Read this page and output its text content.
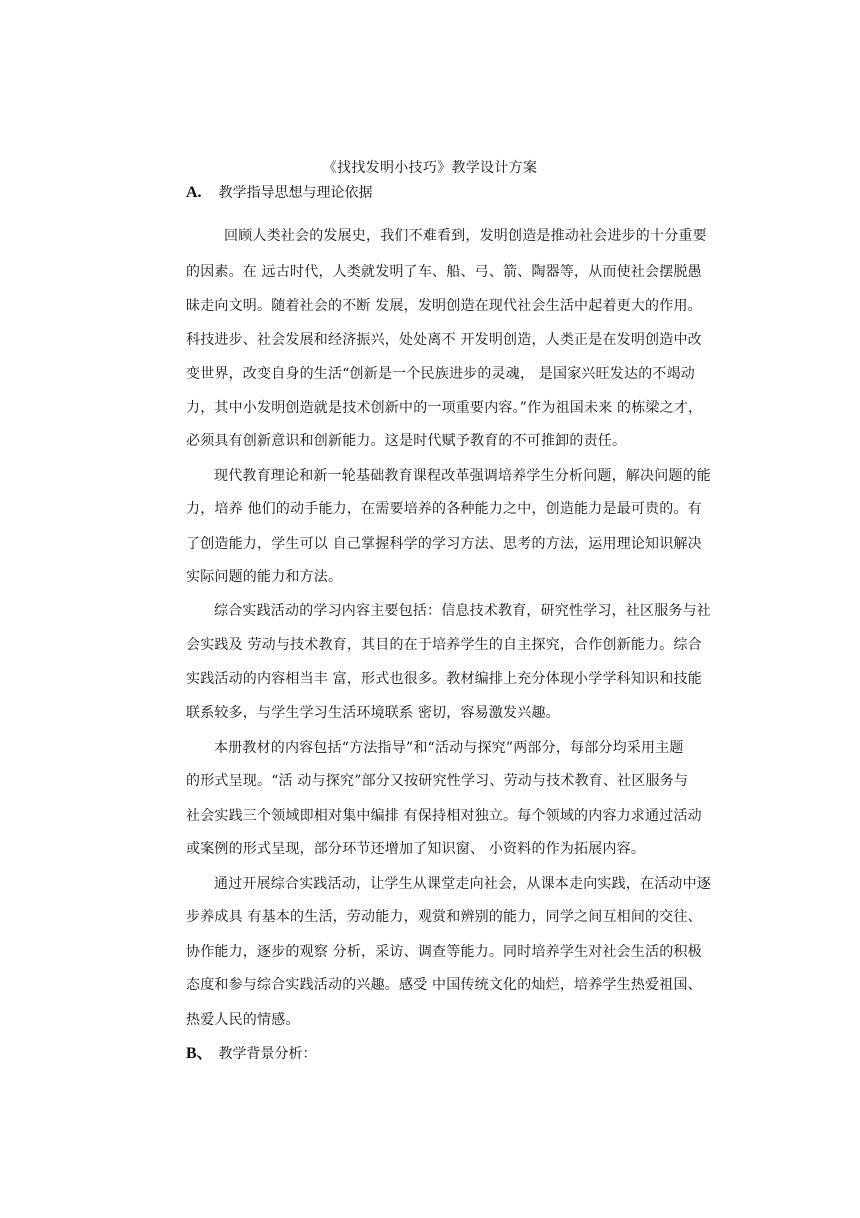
《找找发明小技巧》教学设计方案
A. 教学指导思想与理论依据
回顾人类社会的发展史，我们不难看到，发明创造是推动社会进步的十分重要
的因素。在 远古时代，人类就发明了车、船、弓、箭、陶器等，从而使社会摆脱愚
昧走向文明。随着社会的不断 发展，发明创造在现代社会生活中起着更大的作用。
科技进步、社会发展和经济振兴，处处离不 开发明创造，人类正是在发明创造中改
变世界，改变自身的生活“创新是一个民族进步的灵魂， 是国家兴旺发达的不竭动
力，其中小发明创造就是技术创新中的一项重要内容。”作为祖国未来 的栋梁之才，
必须具有创新意识和创新能力。这是时代赋予教育的不可推卸的责任。
现代教育理论和新一轮基础教育课程改革强调培养学生分析问题，解决问题的能
力，培养 他们的动手能力，在需要培养的各种能力之中，创造能力是最可贵的。有
了创造能力，学生可以 自己掌握科学的学习方法、思考的方法，运用理论知识解决
实际问题的能力和方法。
综合实践活动的学习内容主要包括：信息技术教育，研究性学习，社区服务与社
会实践及 劳动与技术教育，其目的在于培养学生的自主探究，合作创新能力。综合
实践活动的内容相当丰 富，形式也很多。教材编排上充分体现小学学科知识和技能
联系较多，与学生学习生活环境联系 密切，容易激发兴趣。
本册教材的内容包括“方法指导”和“活动与探究”两部分，每部分均采用主题
的形式呈现。“活 动与探究”部分又按研究性学习、劳动与技术教育、社区服务与
社会实践三个领域即相对集中编排 有保持相对独立。每个领域的内容力求通过活动
或案例的形式呈现，部分环节还增加了知识窗、 小资料的作为拓展内容。
通过开展综合实践活动，让学生从课堂走向社会，从课本走向实践，在活动中逐
步养成具 有基本的生活，劳动能力，观赏和辨别的能力，同学之间互相间的交往、
协作能力，逐步的观察 分析，采访、调查等能力。同时培养学生对社会生活的积极
态度和参与综合实践活动的兴趣。感受 中国传统文化的灿烂，培养学生热爱祖国、
热爱人民的情感。
B、 教学背景分析：
